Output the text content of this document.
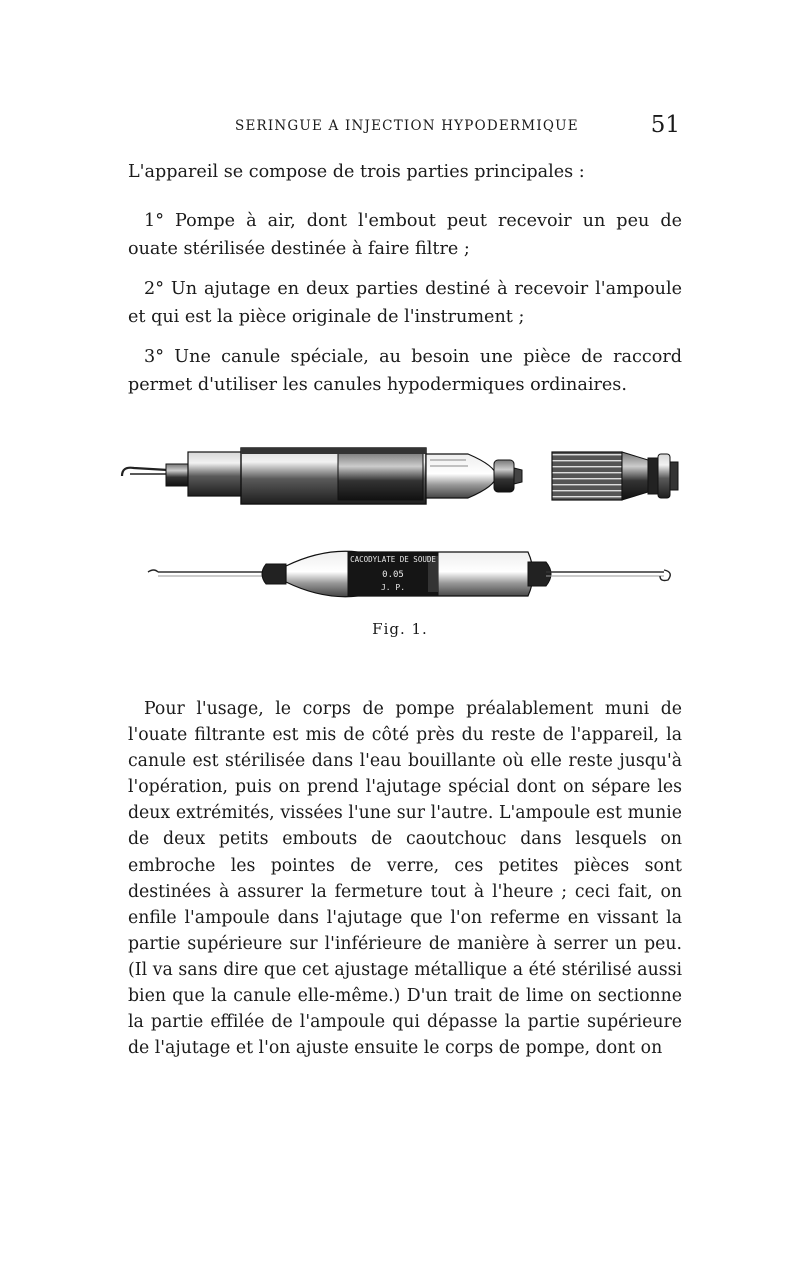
SERINGUE A INJECTION HYPODERMIQUE	51

L'appareil se compose de trois parties principales :

1° Pompe à air, dont l'embout peut recevoir un peu de ouate stérilisée destinée à faire filtre ;

2° Un ajutage en deux parties destiné à recevoir l'ampoule et qui est la pièce originale de l'instrument ;

3° Une canule spéciale, au besoin une pièce de raccord permet d'utiliser les canules hypodermiques ordinaires.

CACODYLATE DE SOUDE
0.05
J. P.
Fig. 1.

Pour l'usage, le corps de pompe préalablement muni de l'ouate filtrante est mis de côté près du reste de l'appareil, la canule est stérilisée dans l'eau bouillante où elle reste jusqu'à l'opération, puis on prend l'ajutage spécial dont on sépare les deux extrémités, vissées l'une sur l'autre. L'ampoule est munie de deux petits embouts de caoutchouc dans lesquels on embroche les pointes de verre, ces petites pièces sont destinées à assurer la fermeture tout à l'heure ; ceci fait, on enfile l'ampoule dans l'ajutage que l'on referme en vissant la partie supérieure sur l'inférieure de manière à serrer un peu. (Il va sans dire que cet ajustage métallique a été stérilisé aussi bien que la canule elle-même.) D'un trait de lime on sectionne la partie effilée de l'ampoule qui dépasse la partie supérieure de l'ajutage et l'on ajuste ensuite le corps de pompe, dont on
